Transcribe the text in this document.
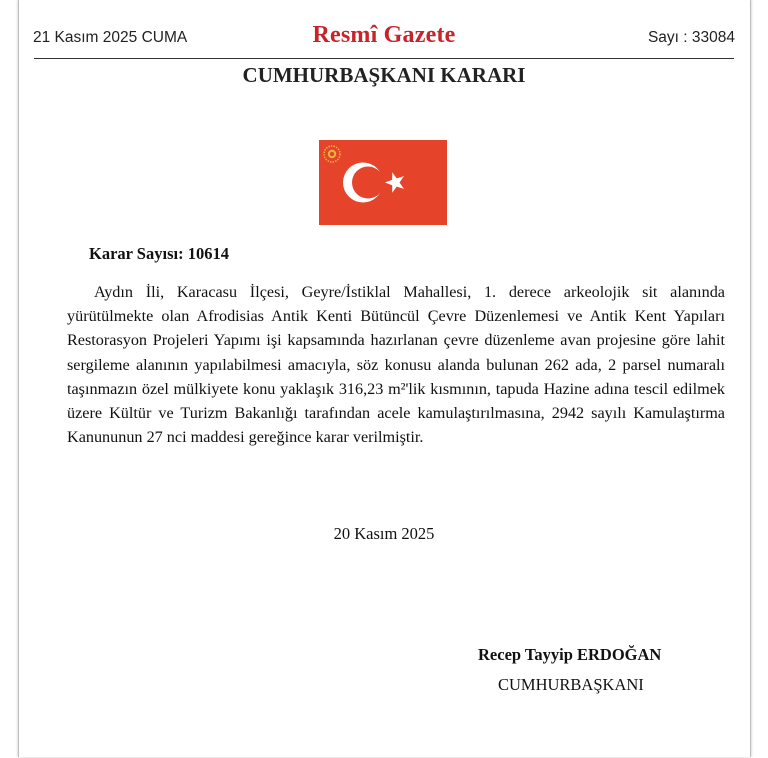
21 Kasım 2025 CUMA	Resmî Gazete	Sayı : 33084
CUMHURBAŞKANI KARARI
Karar Sayısı: 10614
Aydın İli, Karacasu İlçesi, Geyre/İstiklal Mahallesi, 1. derece arkeolojik sit alanında yürütülmekte olan Afrodisias Antik Kenti Bütüncül Çevre Düzenlemesi ve Antik Kent Yapıları Restorasyon Projeleri Yapımı işi kapsamında hazırlanan çevre düzenleme avan projesine göre lahit sergileme alanının yapılabilmesi amacıyla, söz konusu alanda bulunan 262 ada, 2 parsel numaralı taşınmazın özel mülkiyete konu yaklaşık 316,23 m²'lik kısmının, tapuda Hazine adına tescil edilmek üzere Kültür ve Turizm Bakanlığı tarafından acele kamulaştırılmasına, 2942 sayılı Kamulaştırma Kanununun 27 nci maddesi gereğince karar verilmiştir.
20 Kasım 2025
Recep Tayyip ERDOĞAN
CUMHURBAŞKANI
